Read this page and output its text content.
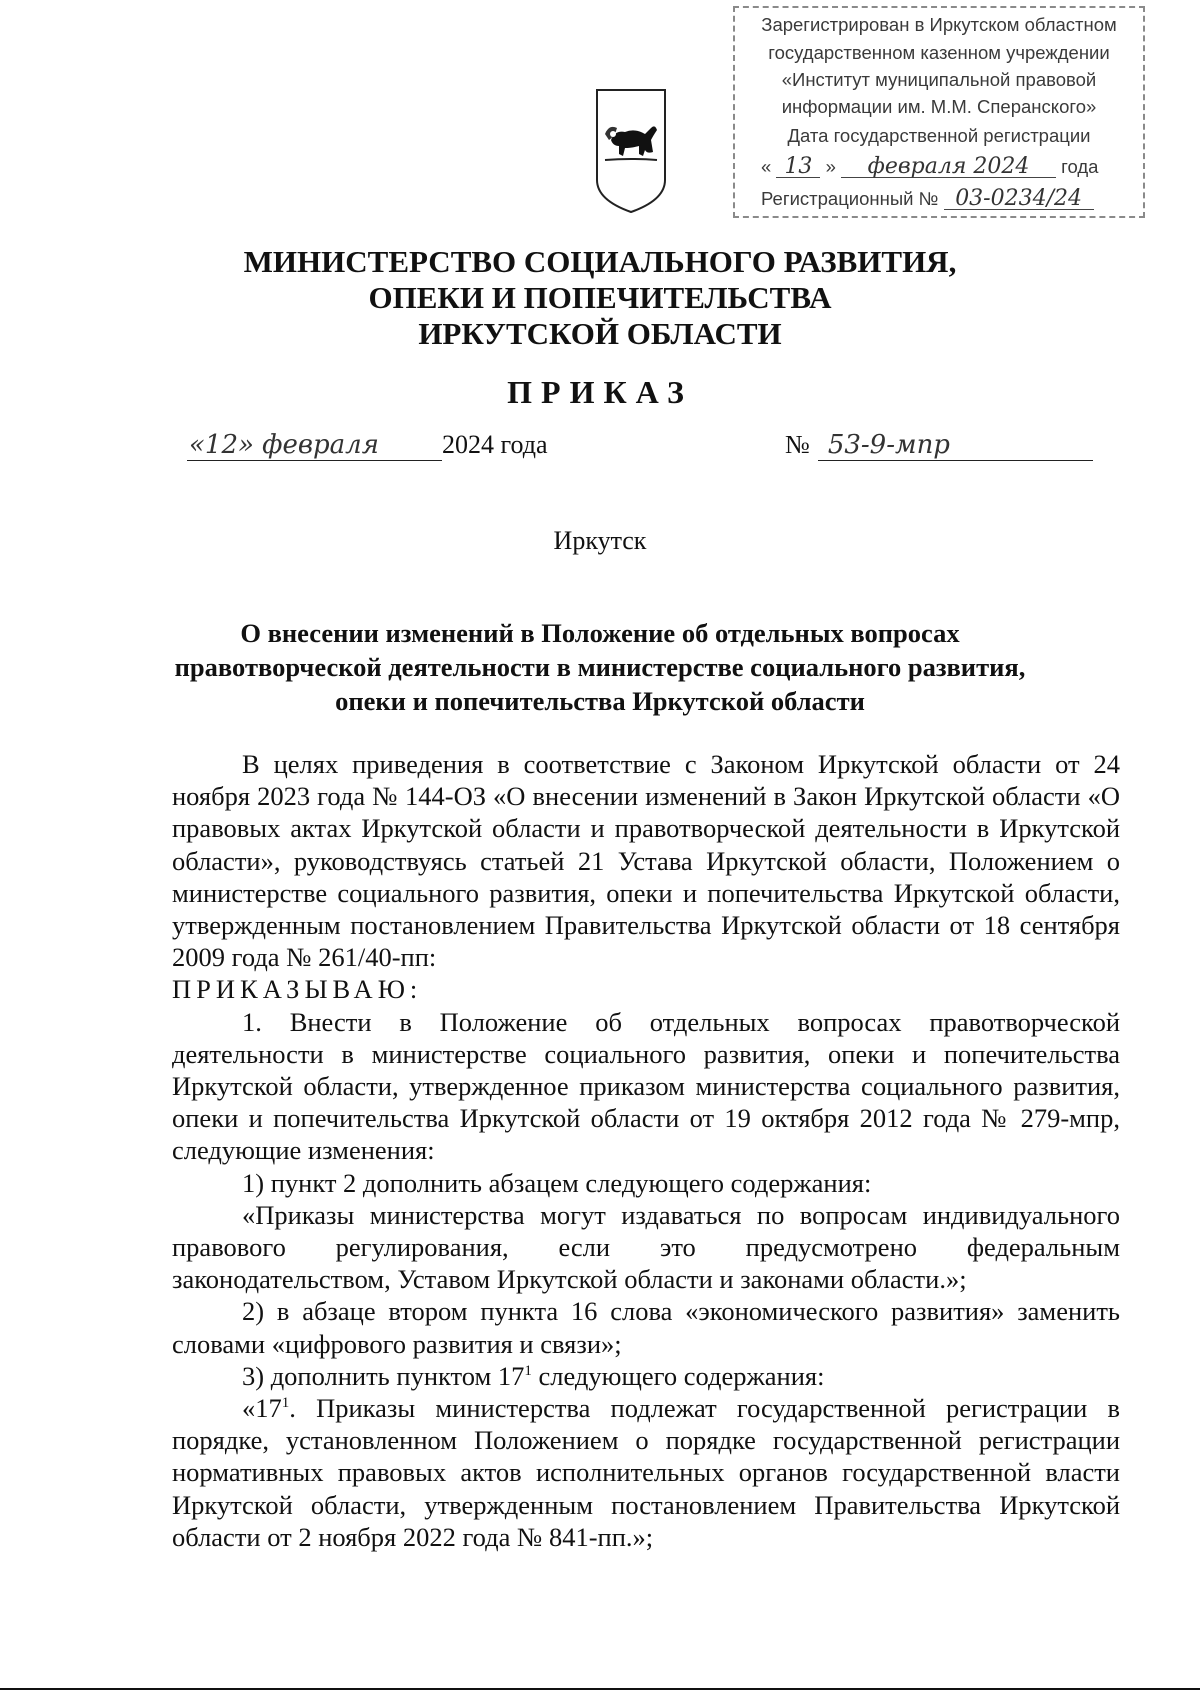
Зарегистрирован в Иркутском областном
государственном казенном учреждении
«Институт муниципальной правовой
информации им. М.М. Сперанского»
Дата государственной регистрации
« 13 » февраля 2024 года
Регистрационный № 03-0234/24
МИНИСТЕРСТВО СОЦИАЛЬНОГО РАЗВИТИЯ,
ОПЕКИ И ПОПЕЧИТЕЛЬСТВА
ИРКУТСКОЙ ОБЛАСТИ
ПРИКАЗ
«12» февраля 2024 года	№ 53-9-мпр
Иркутск
О внесении изменений в Положение об отдельных вопросах
правотворческой деятельности в министерстве социального развития,
опеки и попечительства Иркутской области

В целях приведения в соответствие с Законом Иркутской области от 24 ноября 2023 года № 144-ОЗ «О внесении изменений в Закон Иркутской области «О правовых актах Иркутской области и правотворческой деятельности в Иркутской области», руководствуясь статьей 21 Устава Иркутской области, Положением о министерстве социального развития, опеки и попечительства Иркутской области, утвержденным постановлением Правительства Иркутской области от 18 сентября 2009 года № 261/40-пп:

ПРИКАЗЫВАЮ:

1. Внести в Положение об отдельных вопросах правотворческой деятельности в министерстве социального развития, опеки и попечительства Иркутской области, утвержденное приказом министерства социального развития, опеки и попечительства Иркутской области от 19 октября 2012 года № 279-мпр, следующие изменения:

1) пункт 2 дополнить абзацем следующего содержания:

«Приказы министерства могут издаваться по вопросам индивидуального правового регулирования, если это предусмотрено федеральным законодательством, Уставом Иркутской области и законами области.»;

2) в абзаце втором пункта 16 слова «экономического развития» заменить словами «цифрового развития и связи»;

3) дополнить пунктом $17^1$ следующего содержания:

«$17^1$. Приказы министерства подлежат государственной регистрации в порядке, установленном Положением о порядке государственной регистрации нормативных правовых актов исполнительных органов государственной власти Иркутской области, утвержденным постановлением Правительства Иркутской области от 2 ноября 2022 года № 841-пп.»;
